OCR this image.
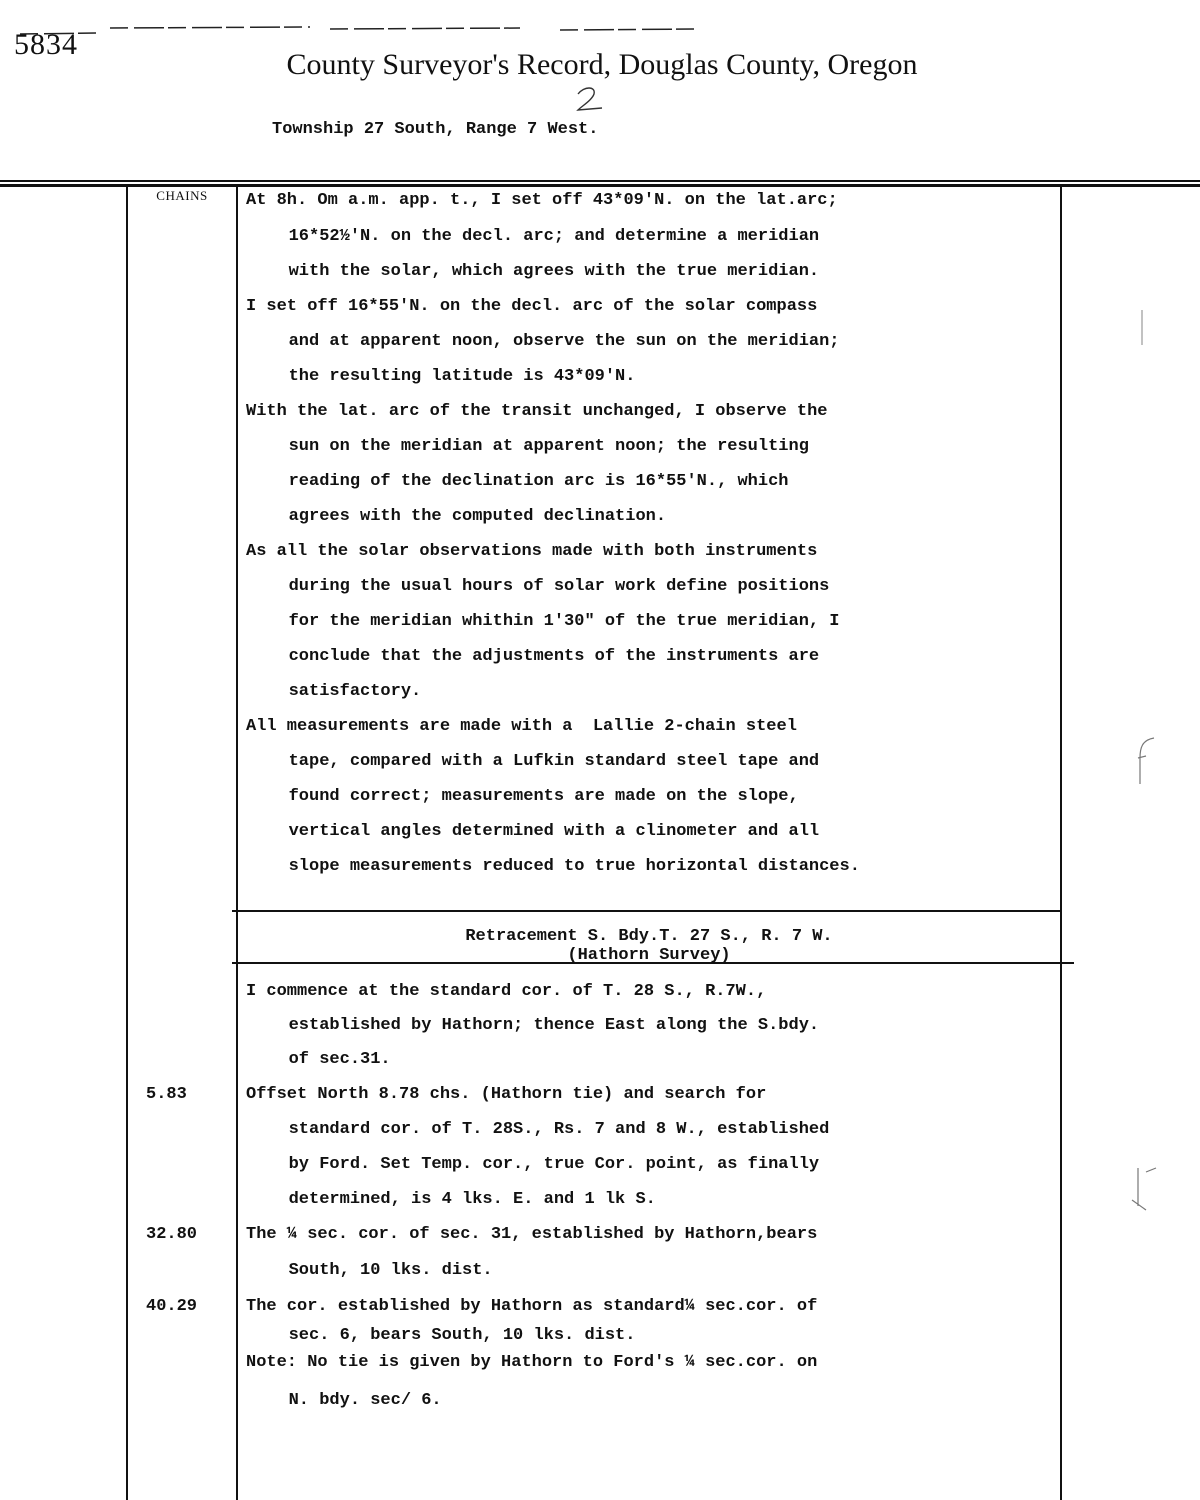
5834
County Surveyor's Record, Douglas County, Oregon
Township 27 South, Range 7 West.
CHAINS	At 8h. Om a.m. app. t., I set off 43*09'N. on the lat.arc;
16*52½'N. on the decl. arc; and determine a meridian
with the solar, which agrees with the true meridian.
I set off 16*55'N. on the decl. arc of the solar compass
and at apparent noon, observe the sun on the meridian;
the resulting latitude is 43*09'N.
With the lat. arc of the transit unchanged, I observe the
sun on the meridian at apparent noon; the resulting
reading of the declination arc is 16*55'N., which
agrees with the computed declination.
As all the solar observations made with both instruments
during the usual hours of solar work define positions
for the meridian whithin 1'30" of the true meridian, I
conclude that the adjustments of the instruments are
satisfactory.
All measurements are made with a  Lallie 2-chain steel
tape, compared with a Lufkin standard steel tape and
found correct; measurements are made on the slope,
vertical angles determined with a clinometer and all
slope measurements reduced to true horizontal distances.
Retracement S. Bdy.T. 27 S., R. 7 W.
(Hathorn Survey)
I commence at the standard cor. of T. 28 S., R.7W.,
established by Hathorn; thence East along the S.bdy.
of sec.31.
Offset North 8.78 chs. (Hathorn tie) and search for
standard cor. of T. 28S., Rs. 7 and 8 W., established
by Ford. Set Temp. cor., true Cor. point, as finally
determined, is 4 lks. E. and 1 lk S.
The ¼ sec. cor. of sec. 31, established by Hathorn,bears
South, 10 lks. dist.
The cor. established by Hathorn as standard¼ sec.cor. of
sec. 6, bears South, 10 lks. dist.
Note: No tie is given by Hathorn to Ford's ¼ sec.cor. on
N. bdy. sec/ 6.
5.83
32.80
40.29
